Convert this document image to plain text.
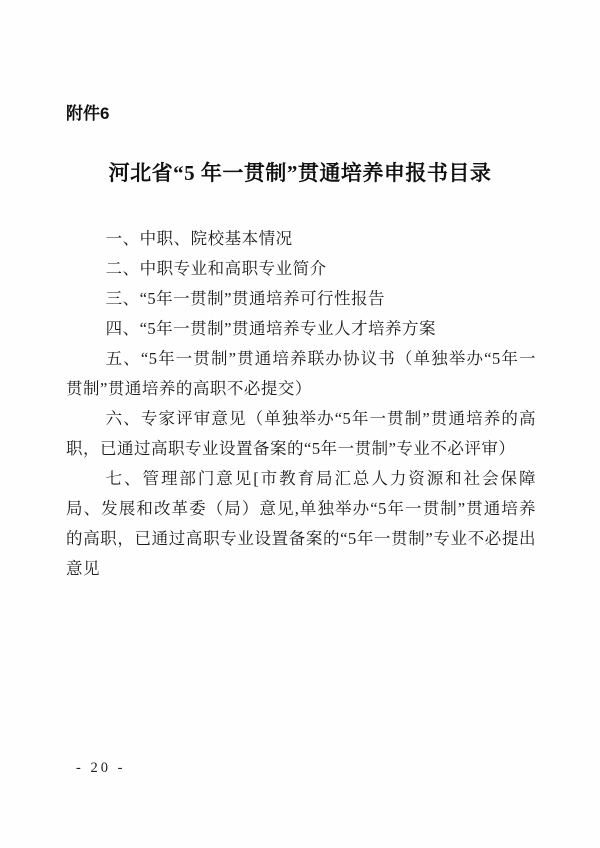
附件6
河北省“5 年一贯制”贯通培养申报书目录

一、中职、院校基本情况

二、中职专业和高职专业简介

三、“5年一贯制”贯通培养可行性报告

四、“5年一贯制”贯通培养专业人才培养方案

五、“5年一贯制”贯通培养联办协议书（单独举办“5年一贯制”贯通培养的高职不必提交）

六、专家评审意见（单独举办“5年一贯制”贯通培养的高职，已通过高职专业设置备案的“5年一贯制”专业不必评审）

七、管理部门意见[市教育局汇总人力资源和社会保障局、发展和改革委（局）意见,单独举办“5年一贯制”贯通培养的高职，已通过高职专业设置备案的“5年一贯制”专业不必提出意见

- 20 -
